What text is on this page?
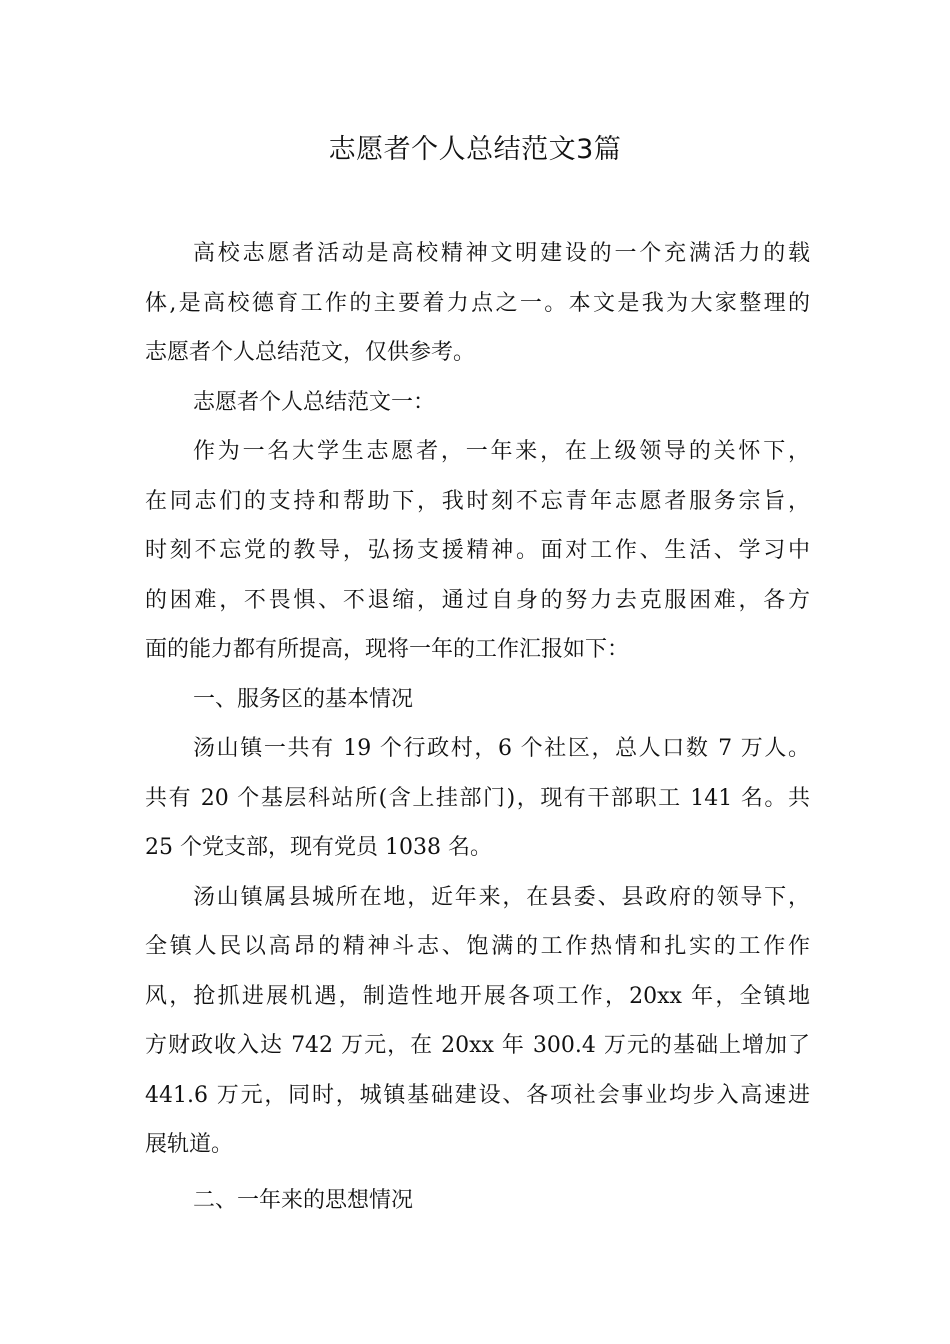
志愿者个人总结范文3篇

高校志愿者活动是高校精神文明建设的一个充满活力的载
体,是高校德育工作的主要着力点之一。本文是我为大家整理的
志愿者个人总结范文，仅供参考。

志愿者个人总结范文一：

作为一名大学生志愿者，一年来，在上级领导的关怀下，
在同志们的支持和帮助下，我时刻不忘青年志愿者服务宗旨，
时刻不忘党的教导，弘扬支援精神。面对工作、生活、学习中
的困难，不畏惧、不退缩，通过自身的努力去克服困难，各方
面的能力都有所提高，现将一年的工作汇报如下：

一、服务区的基本情况

汤山镇一共有 19 个行政村，6 个社区，总人口数 7 万人。
共有 20 个基层科站所(含上挂部门)，现有干部职工 141 名。共
25 个党支部，现有党员 1038 名。

汤山镇属县城所在地，近年来，在县委、县政府的领导下，
全镇人民以高昂的精神斗志、饱满的工作热情和扎实的工作作
风，抢抓进展机遇，制造性地开展各项工作，20xx 年，全镇地
方财政收入达 742 万元，在 20xx 年 300.4 万元的基础上增加了
441.6 万元，同时，城镇基础建设、各项社会事业均步入高速进
展轨道。

二、一年来的思想情况
